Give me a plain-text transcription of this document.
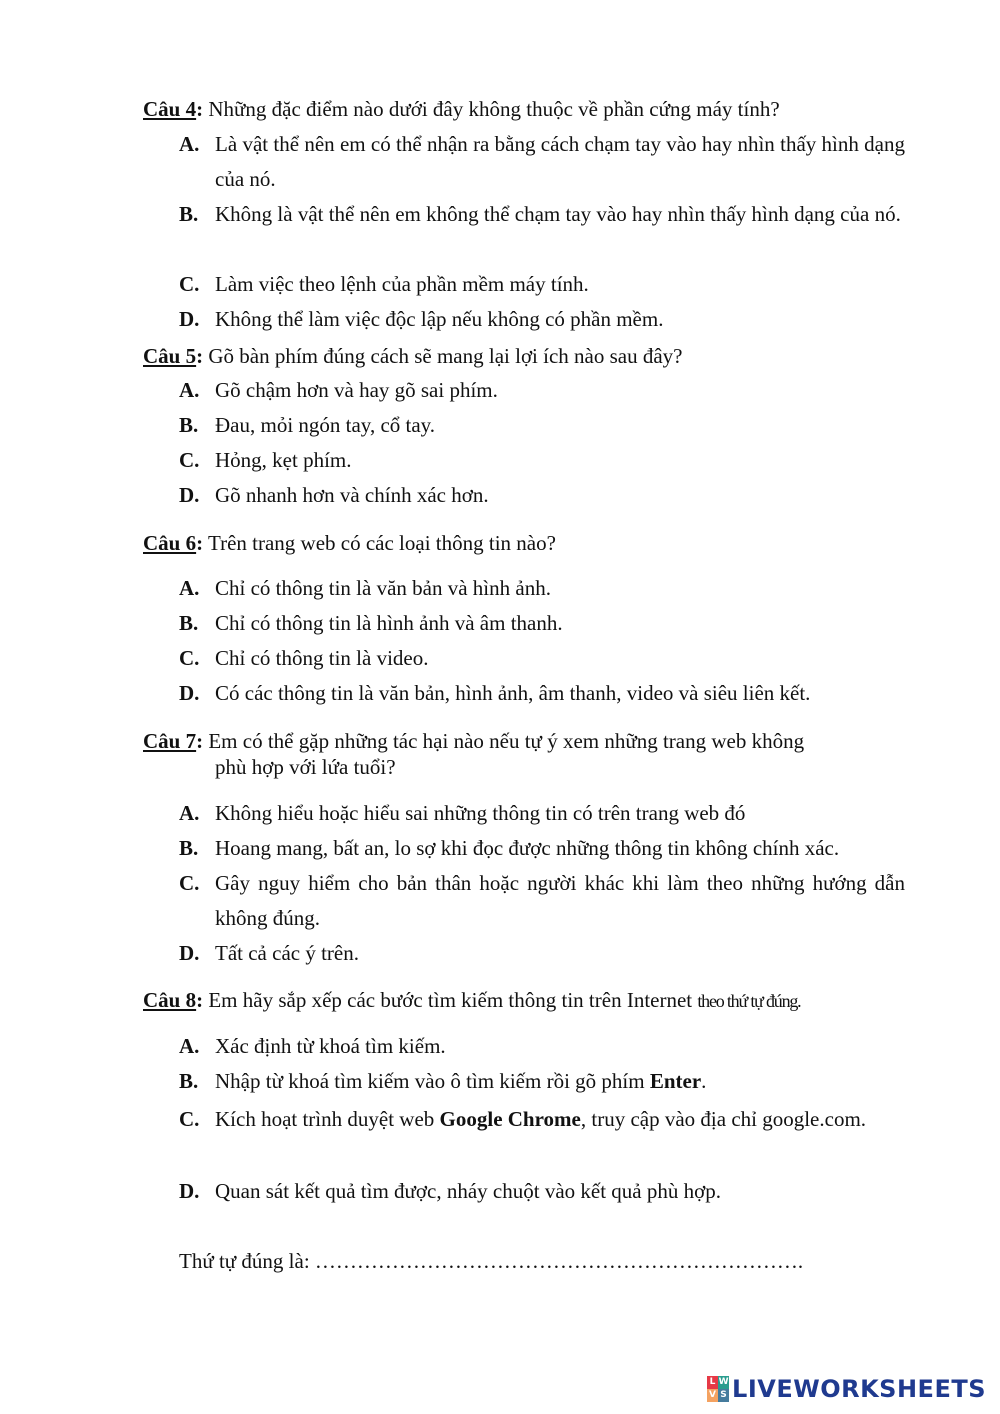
Câu 4: Những đặc điểm nào dưới đây không thuộc về phần cứng máy tính?
A. Là vật thể nên em có thể nhận ra bằng cách chạm tay vào hay nhìn thấy hình dạng của nó.
B. Không là vật thể nên em không thể chạm tay vào hay nhìn thấy hình dạng của nó.
C. Làm việc theo lệnh của phần mềm máy tính.
D. Không thể làm việc độc lập nếu không có phần mềm.
Câu 5: Gõ bàn phím đúng cách sẽ mang lại lợi ích nào sau đây?
A. Gõ chậm hơn và hay gõ sai phím.
B. Đau, mỏi ngón tay, cổ tay.
C. Hỏng, kẹt phím.
D. Gõ nhanh hơn và chính xác hơn.
Câu 6: Trên trang web có các loại thông tin nào?
A. Chỉ có thông tin là văn bản và hình ảnh.
B. Chỉ có thông tin là hình ảnh và âm thanh.
C. Chỉ có thông tin là video.
D. Có các thông tin là văn bản, hình ảnh, âm thanh, video và siêu liên kết.
Câu 7: Em có thể gặp những tác hại nào nếu tự ý xem những trang web không
phù hợp với lứa tuổi?
A. Không hiểu hoặc hiểu sai những thông tin có trên trang web đó
B. Hoang mang, bất an, lo sợ khi đọc được những thông tin không chính xác.
C. Gây nguy hiểm cho bản thân hoặc người khác khi làm theo những hướng dẫn không đúng.
D. Tất cả các ý trên.
Câu 8: Em hãy sắp xếp các bước tìm kiếm thông tin trên Internet theo thứ tự đúng.
A. Xác định từ khoá tìm kiếm.
B. Nhập từ khoá tìm kiếm vào ô tìm kiếm rồi gõ phím Enter.
C. Kích hoạt trình duyệt web Google Chrome, truy cập vào địa chỉ google.com.
D. Quan sát kết quả tìm được, nháy chuột vào kết quả phù hợp.
Thứ tự đúng là: …………………………………………………………….
L W
V S LIVEWORKSHEETS
